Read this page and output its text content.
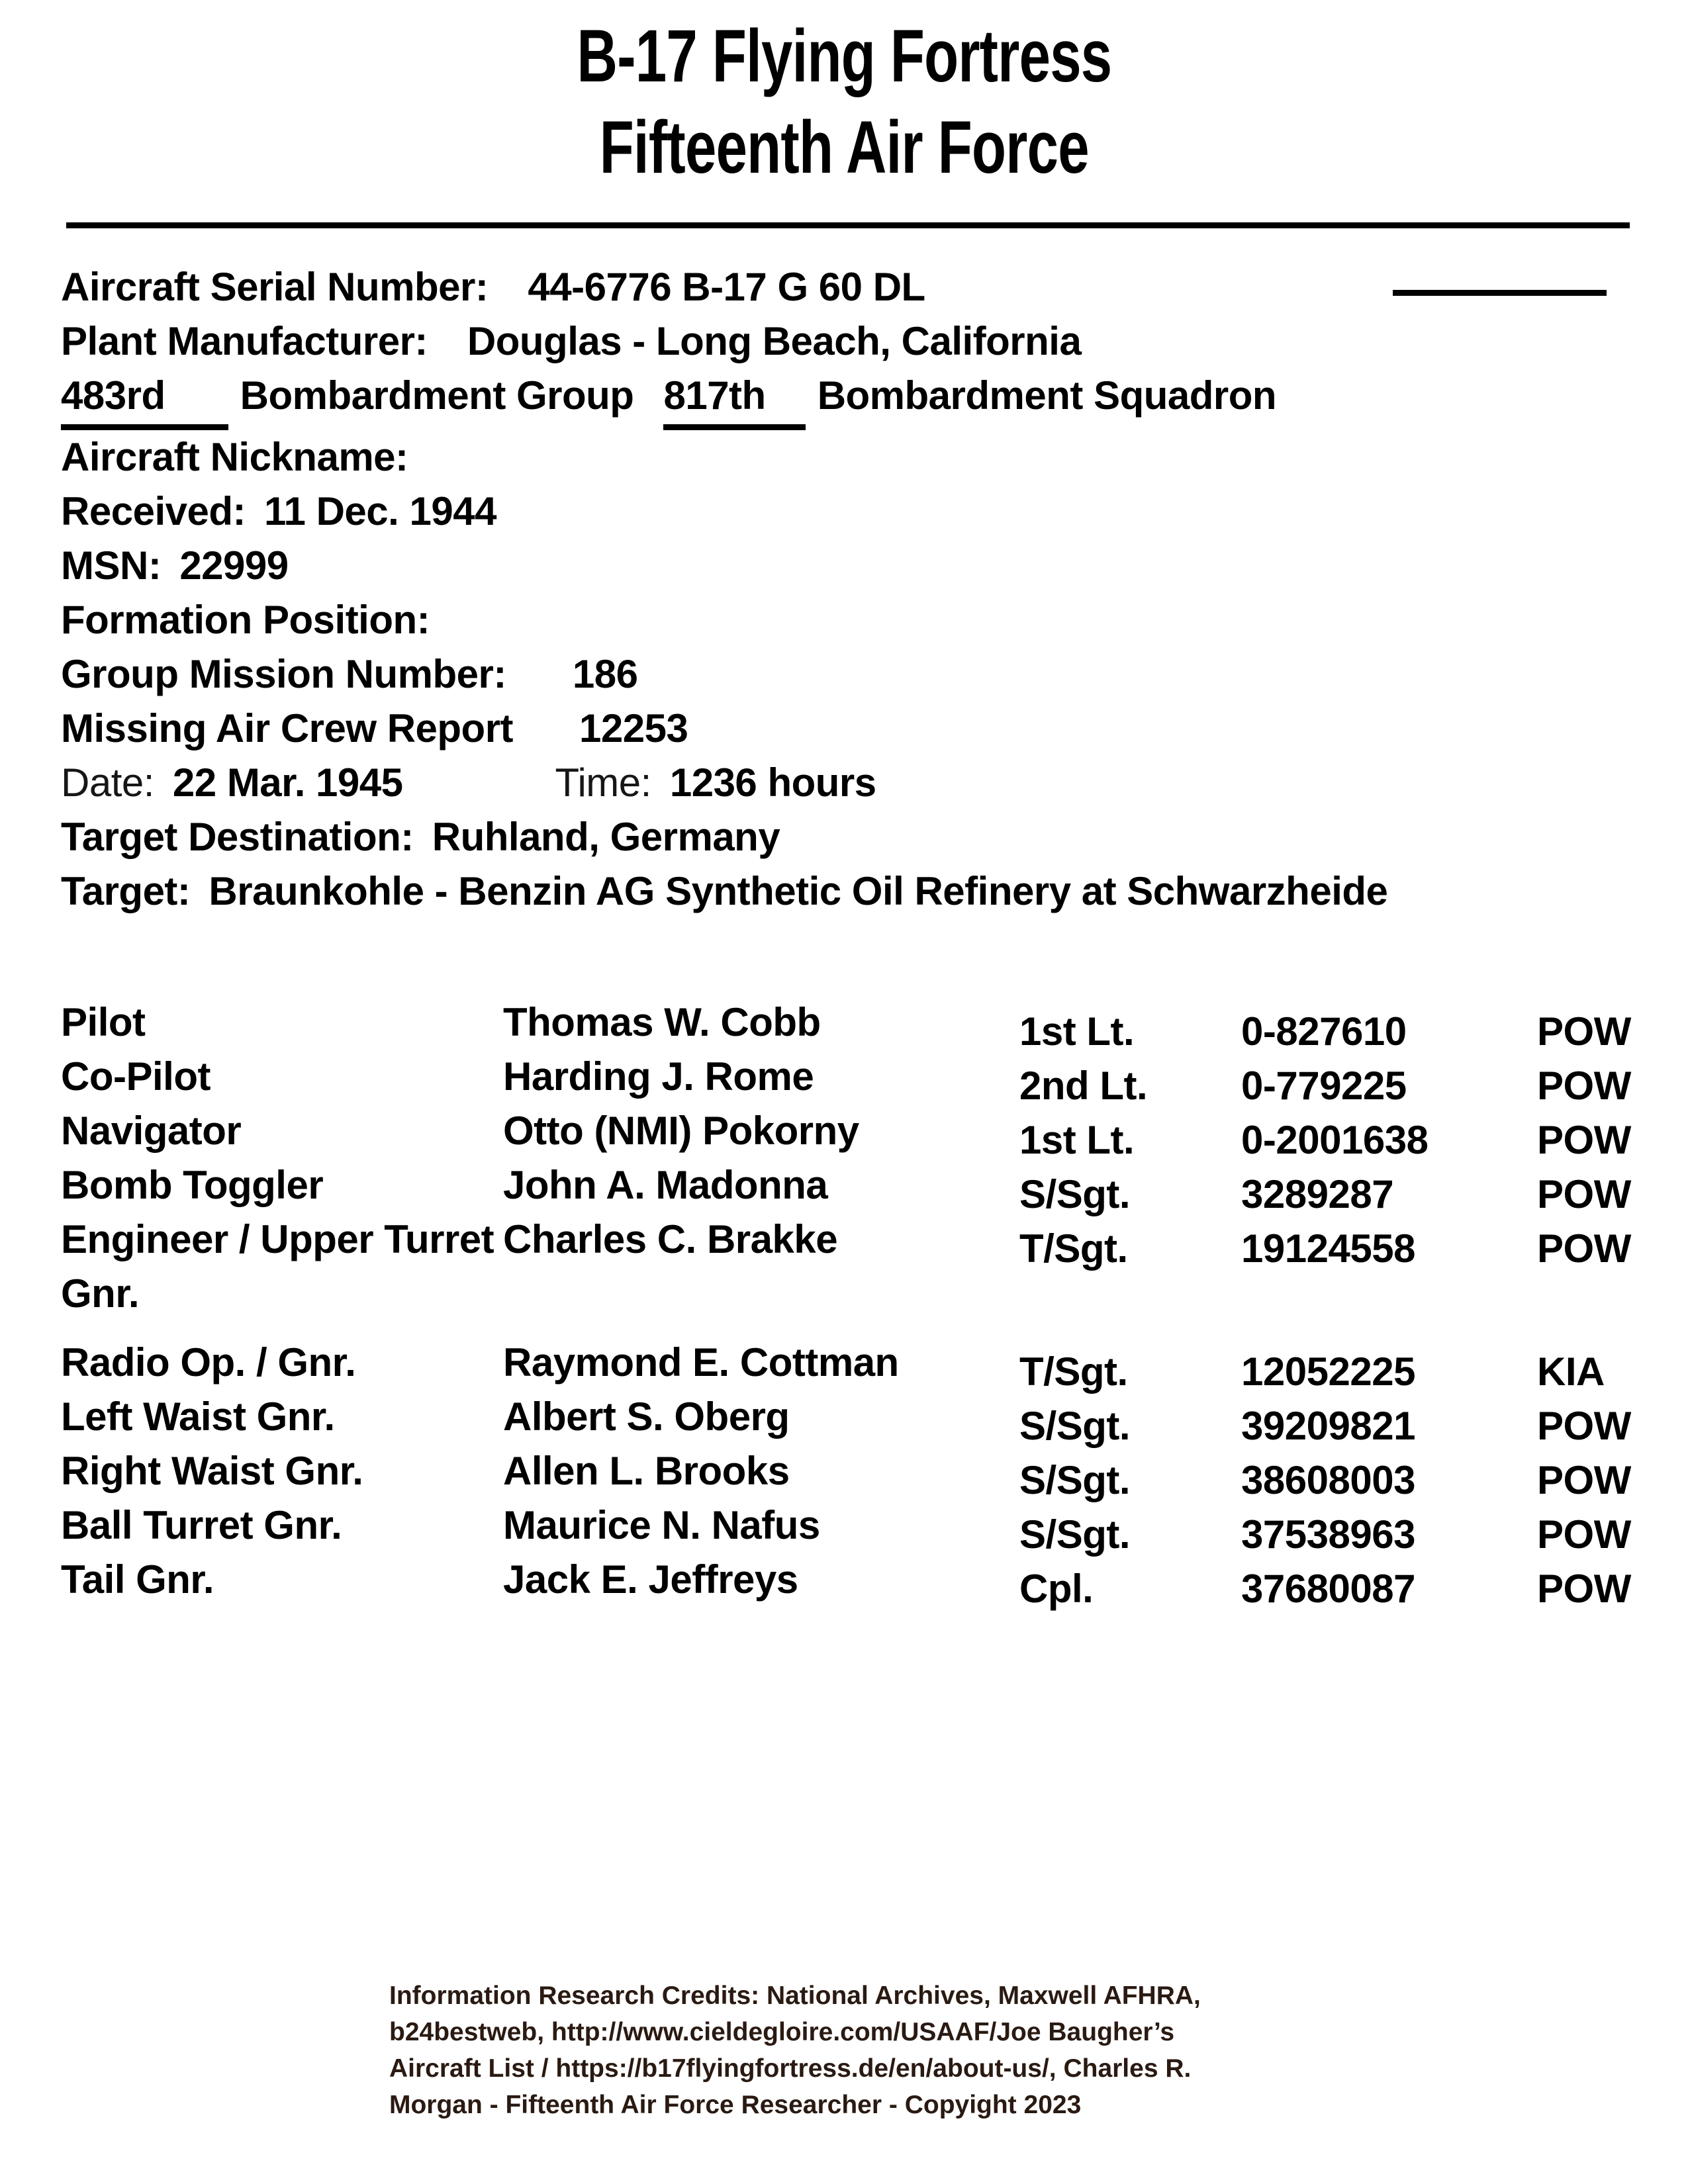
B-17 Flying Fortress
Fifteenth Air Force
Aircraft Serial Number: 44-6776 B-17 G 60 DL
Plant Manufacturer: Douglas - Long Beach, California
483rd Bombardment Group 817th Bombardment Squadron
Aircraft Nickname:
Received: 11 Dec. 1944
MSN: 22999
Formation Position:
Group Mission Number: 186
Missing Air Crew Report 12253
Date: 22 Mar. 1945	Time: 1236 hours
Target Destination: Ruhland, Germany
Target: Braunkohle - Benzin AG Synthetic Oil Refinery at Schwarzheide
Pilot	Thomas W. Cobb	1st Lt.	0-827610	POW
Co-Pilot	Harding J. Rome	2nd Lt.	0-779225	POW
Navigator	Otto (NMI) Pokorny	1st Lt.	0-2001638	POW
Bomb Toggler	John A. Madonna	S/Sgt.	3289287	POW
Engineer / Upper Turret Gnr.
Charles C. Brakke	T/Sgt.	19124558	POW
Radio Op. / Gnr.	Raymond E. Cottman	T/Sgt.	12052225	KIA
Left Waist Gnr.	Albert S. Oberg	S/Sgt.	39209821	POW
Right Waist Gnr.	Allen L. Brooks	S/Sgt.	38608003	POW
Ball Turret Gnr.	Maurice N. Nafus	S/Sgt.	37538963	POW
Tail Gnr.	Jack E. Jeffreys	Cpl.	37680087	POW
Information Research Credits: National Archives, Maxwell AFHRA,
b24bestweb, http://www.cieldegloire.com/USAAF/Joe Baugher’s
Aircraft List / https://b17flyingfortress.de/en/about-us/, Charles R.
Morgan - Fifteenth Air Force Researcher - Copyight 2023
